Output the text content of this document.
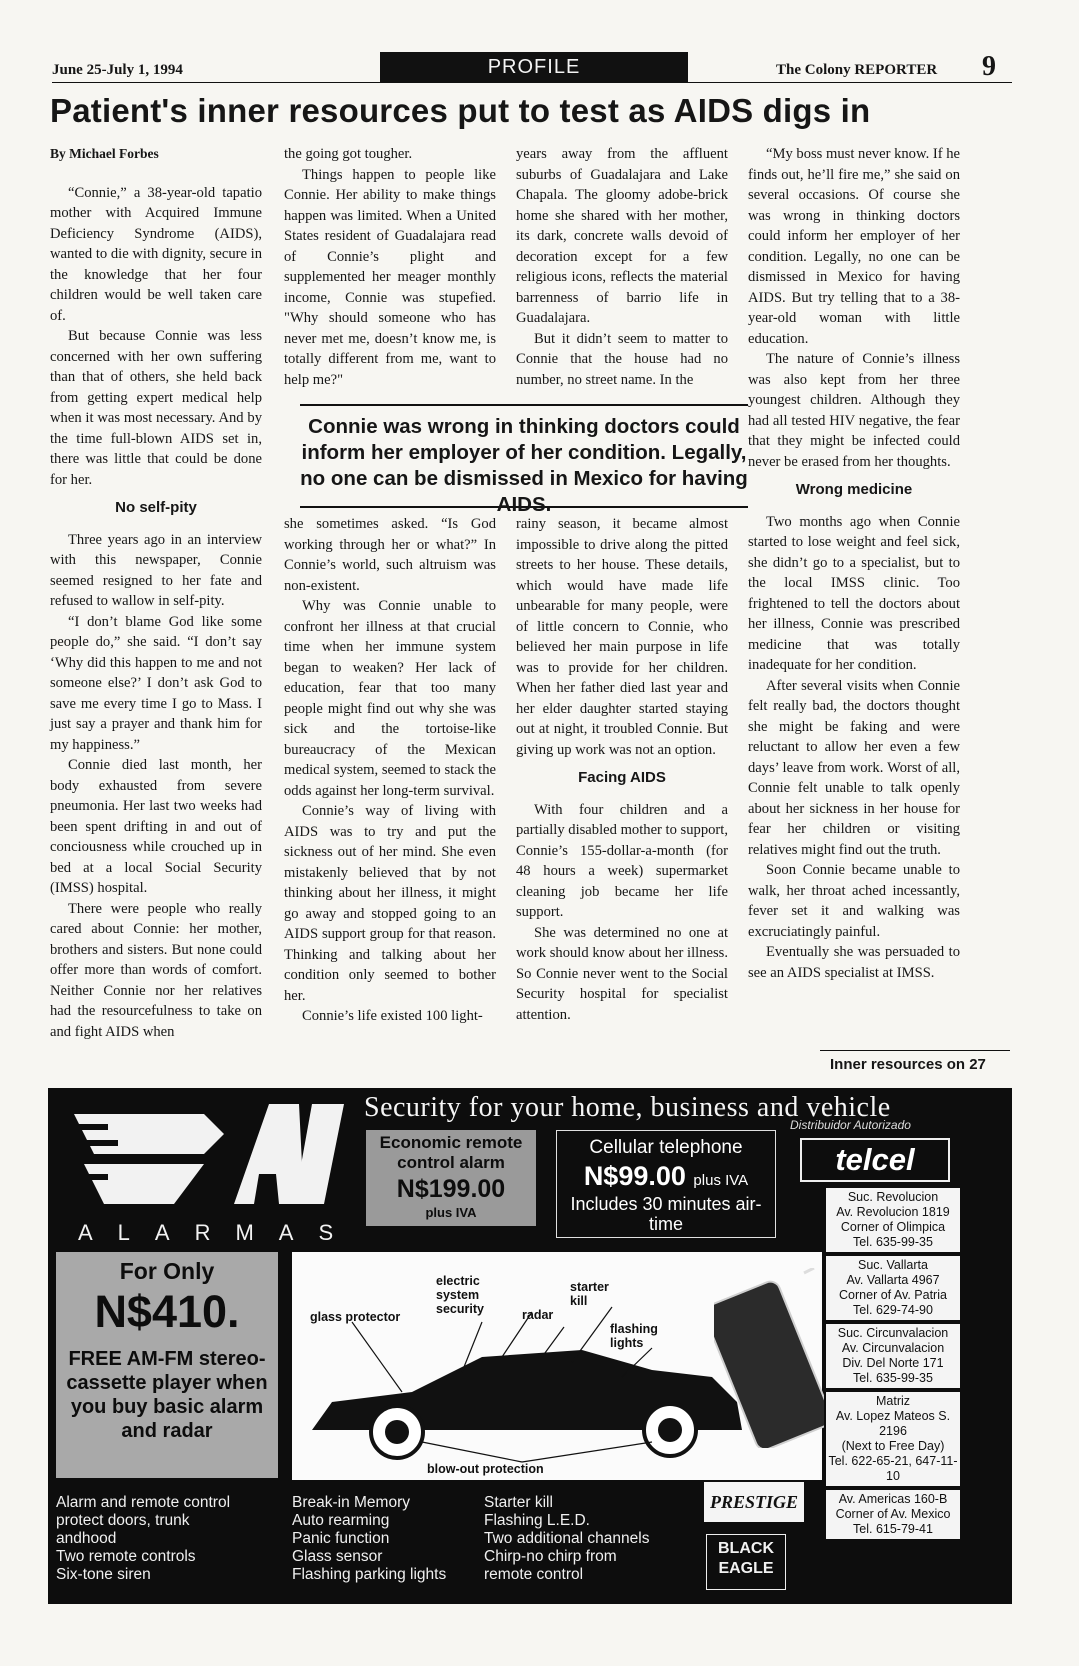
June 25-July 1, 1994	PROFILE	The Colony REPORTER 9
Patient's inner resources put to test as AIDS digs in
By Michael Forbes

“Connie,” a 38-year-old tapatio mother with Acquired Immune Deficiency Syndrome (AIDS), wanted to die with dignity, secure in the knowledge that her four children would be well taken care of.

But because Connie was less concerned with her own suffering than that of others, she held back from getting expert medical help when it was most necessary. And by the time full-blown AIDS set in, there was little that could be done for her.

No self-pity

Three years ago in an interview with this newspaper, Connie seemed resigned to her fate and refused to wallow in self-pity.

“I don’t blame God like some people do,” she said. “I don’t say ‘Why did this happen to me and not someone else?’ I don’t ask God to save me every time I go to Mass. I just say a prayer and thank him for my happiness.”

Connie died last month, her body exhausted from severe pneumonia. Her last two weeks had been spent drifting in and out of conciousness while crouched up in bed at a local Social Security (IMSS) hospital.

There were people who really cared about Connie: her mother, brothers and sisters. But none could offer more than words of comfort. Neither Connie nor her relatives had the resourcefulness to take on and fight AIDS when

the going got tougher.

Things happen to people like Connie. Her ability to make things happen was limited. When a United States resident of Guadalajara read of Connie’s plight and supplemented her meager monthly income, Connie was stupefied. "Why should someone who has never met me, doesn’t know me, is totally different from me, want to help me?"

years away from the affluent suburbs of Guadalajara and Lake Chapala. The gloomy adobe-brick home she shared with her mother, its dark, concrete walls devoid of decoration except for a few religious icons, reflects the material barrenness of barrio life in Guadalajara.

But it didn’t seem to matter to Connie that the house had no number, no street name. In the

Connie was wrong in thinking doctors could inform her employer of her condition. Legally, no one can be dismissed in Mexico for having AIDS.

she sometimes asked. “Is God working through her or what?” In Connie’s world, such altruism was non-existent.

Why was Connie unable to confront her illness at that crucial time when her immune system began to weaken? Her lack of education, fear that too many people might find out why she was sick and the tortoise-like bureaucracy of the Mexican medical system, seemed to stack the odds against her long-term survival.

Connie’s way of living with AIDS was to try and put the sickness out of her mind. She even mistakenly believed that by not thinking about her illness, it might go away and stopped going to an AIDS support group for that reason. Thinking and talking about her condition only seemed to bother her.

Connie’s life existed 100 light-

rainy season, it became almost impossible to drive along the pitted streets to her house. These details, which would have made life unbearable for many people, were of little concern to Connie, who believed her main purpose in life was to provide for her children. When her father died last year and her elder daughter started staying out at night, it troubled Connie. But giving up work was not an option.

Facing AIDS

With four children and a partially disabled mother to support, Connie’s 155-dollar-a-month (for 48 hours a week) supermarket cleaning job became her life support.

She was determined no one at work should know about her illness. So Connie never went to the Social Security hospital for specialist attention.

“My boss must never know. If he finds out, he’ll fire me,” she said on several occasions. Of course she was wrong in thinking doctors could inform her employer of her condition. Legally, no one can be dismissed in Mexico for having AIDS. But try telling that to a 38-year-old woman with little education.

The nature of Connie’s illness was also kept from her three youngest children. Although they had all tested HIV negative, the fear that they might be infected could never be erased from her thoughts.

Wrong medicine

Two months ago when Connie started to lose weight and feel sick, she didn’t go to a specialist, but to the local IMSS clinic. Too frightened to tell the doctors about her illness, Connie was prescribed medicine that was totally inadequate for her condition.

After several visits when Connie felt really bad, the doctors thought she might be faking and were reluctant to allow her even a few days’ leave from work. Worst of all, Connie felt unable to talk openly about her sickness in her house for fear her children or visiting relatives might find out the truth.

Soon Connie became unable to walk, her throat ached incessantly, fever set it and walking was excruciatingly painful.

Eventually she was persuaded to see an AIDS specialist at IMSS.

Inner resources on 27
ALARMAS
Security for your home, business and vehicle
Economic remote control alarm
N$199.00
plus IVA
Cellular telephone
N$99.00 plus IVA
Includes 30 minutes air-time
Distribuidor Autorizado
telcel
For Only
N$410.
FREE AM-FM stereo-cassette player when you buy basic alarm and radar
glass protector
electric system security	radar
starter kill
flashing lights
blow-out protection
Suc. Revolucion
Av. Revolucion 1819
Corner of Olimpica
Tel. 635-99-35
Suc. Vallarta
Av. Vallarta 4967
Corner of Av. Patria
Tel. 629-74-90
Suc. Circunvalacion
Av. Circunvalacion
Div. Del Norte 171
Tel. 635-99-35
Matriz
Av. Lopez Mateos S. 2196
(Next to Free Day)
Tel. 622-65-21, 647-11-10
Av. Americas 160-B
Corner of Av. Mexico
Tel. 615-79-41
Alarm and remote control
protect doors, trunk
andhood
Two remote controls
Six-tone siren
Break-in Memory
Auto rearming
Panic function
Glass sensor
Flashing parking lights
Starter kill
Flashing L.E.D.
Two additional channels
Chirp-no chirp from
remote control
PRESTIGE
BLACK EAGLE
